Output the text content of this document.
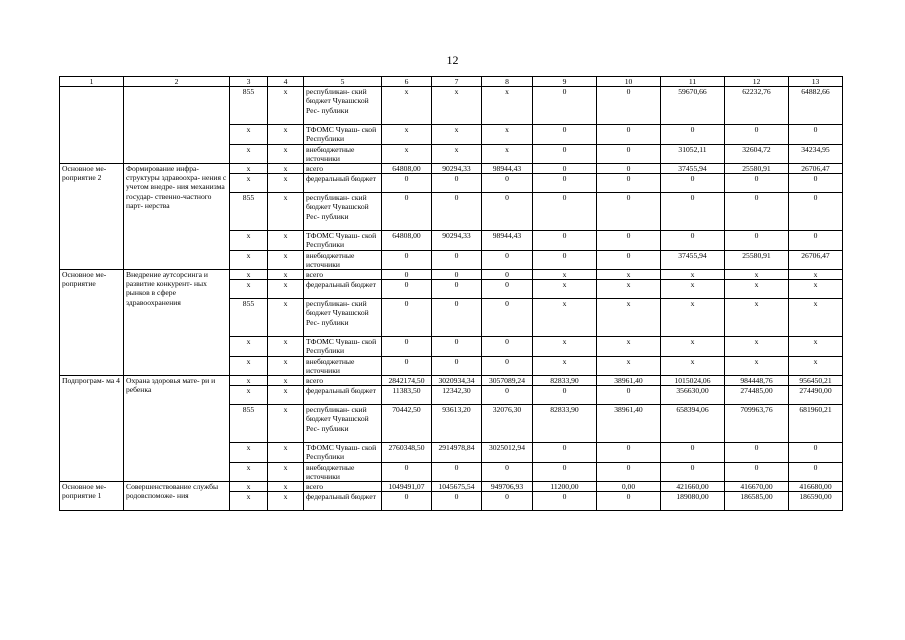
12
1	2	3	4	5	6	7	8	9	10	11	12	13
		855	х	республикан- ский бюджет Чувашской Рес- публики	х	х	х	0	0	59670,66	62232,76	64882,66
		х	х	ТФОМС Чуваш- ской Республики	х	х	х	0	0	0	0	0
		х	х	внебюджетные источники	х	х	х	0	0	31052,11	32604,72	34234,95
Основное ме- роприятие 2	Формирование инфра- структуры здравоохра- нения с учетом внедре- ния механизма государ- ственно-частного парт- нерства	х	х	всего	64808,00	90294,33	98944,43	0	0	37455,94	25580,91	26706,47
		х	х	федеральный бюджет	0	0	0	0	0	0	0	0
		855	х	республикан- ский бюджет Чувашской Рес- публики	0	0	0	0	0	0	0	0
		х	х	ТФОМС Чуваш- ской Республики	64808,00	90294,33	98944,43	0	0	0	0	0
		х	х	внебюджетные источники	0	0	0	0	0	37455,94	25580,91	26706,47
Основное ме- роприятие	Внедрение аутсорсинга и развитие конкурент- ных рынков в сфере здравоохранения	х	х	всего	0	0	0	х	х	х	х	х
		х	х	федеральный бюджет	0	0	0	х	х	х	х	х
		855	х	республикан- ский бюджет Чувашской Рес- публики	0	0	0	х	х	х	х	х
		х	х	ТФОМС Чуваш- ской Республики	0	0	0	х	х	х	х	х
		х	х	внебюджетные источники	0	0	0	х	х	х	х	х
Подпрограм- ма 4	Охрана здоровья мате- ри и ребенка	х	х	всего	2842174,50	3020934,34	3057089,24	82833,90	38961,40	1015024,06	984448,76	956450,21
		х	х	федеральный бюджет	11383,50	12342,30	0	0	0	356630,00	274485,00	274490,00
		855	х	республикан- ский бюджет Чувашской Рес- публики	70442,50	93613,20	32076,30	82833,90	38961,40	658394,06	709963,76	681960,21
		х	х	ТФОМС Чуваш- ской Республики	2760348,50	2914978,84	3025012,94	0	0	0	0	0
		х	х	внебюджетные источники	0	0	0	0	0	0	0	0
Основное ме- роприятие 1	Совершенствование службы родовспоможе- ния	х	х	всего	1049491,07	1045675,54	949706,93	11200,00	0,00	421660,00	416670,00	416680,00
		х	х	федеральный бюджет	0	0	0	0	0	189080,00	186585,00	186590,00
